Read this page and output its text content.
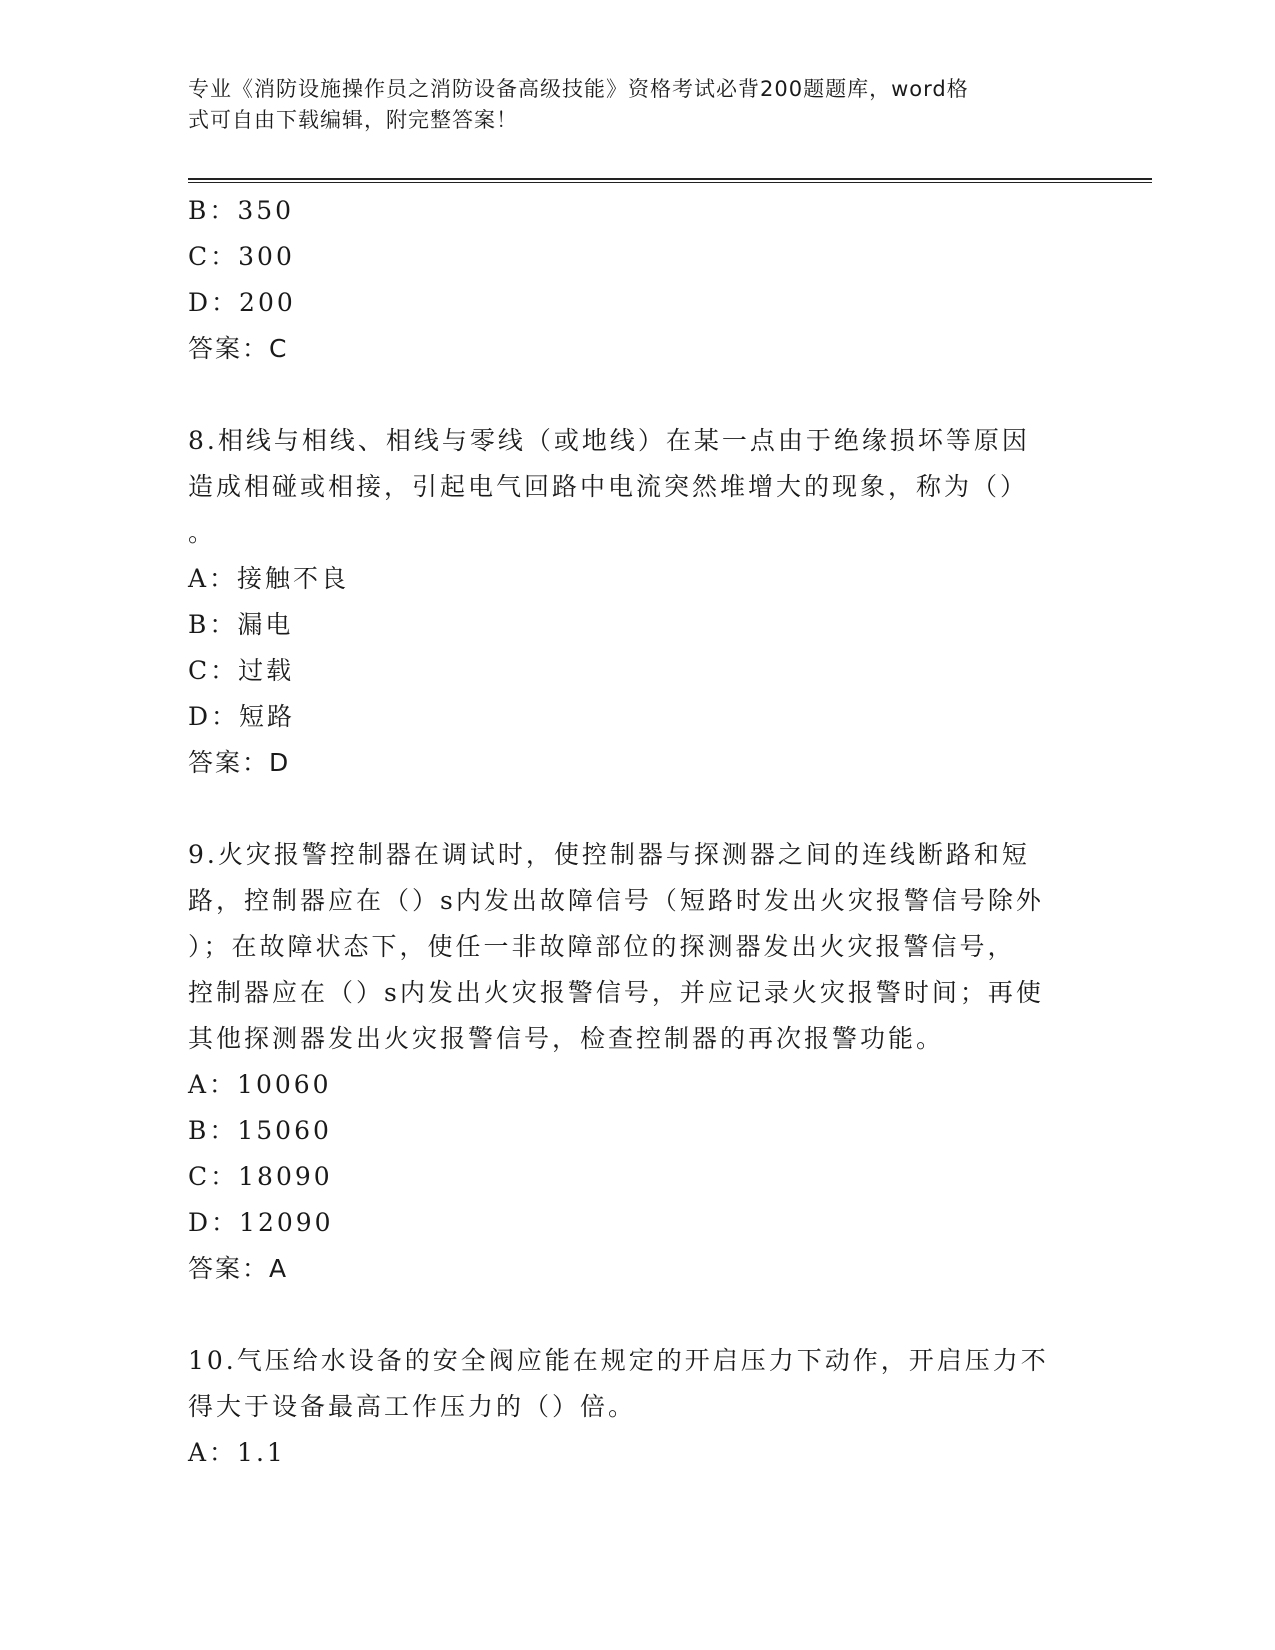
专业《消防设施操作员之消防设备高级技能》资格考试必背200题题库，word格
式可自由下载编辑，附完整答案！
B：350
C：300
D：200
答案：C
8.相线与相线、相线与零线（或地线）在某一点由于绝缘损坏等原因
造成相碰或相接，引起电气回路中电流突然堆增大的现象，称为（）
。
A：接触不良
B：漏电
C：过载
D：短路
答案：D
9.火灾报警控制器在调试时，使控制器与探测器之间的连线断路和短
路，控制器应在（）s内发出故障信号（短路时发出火灾报警信号除外
）；在故障状态下，使任一非故障部位的探测器发出火灾报警信号，
控制器应在（）s内发出火灾报警信号，并应记录火灾报警时间；再使
其他探测器发出火灾报警信号，检查控制器的再次报警功能。
A：10060
B：15060
C：18090
D：12090
答案：A
10.气压给水设备的安全阀应能在规定的开启压力下动作，开启压力不
得大于设备最高工作压力的（）倍。
A：1.1
